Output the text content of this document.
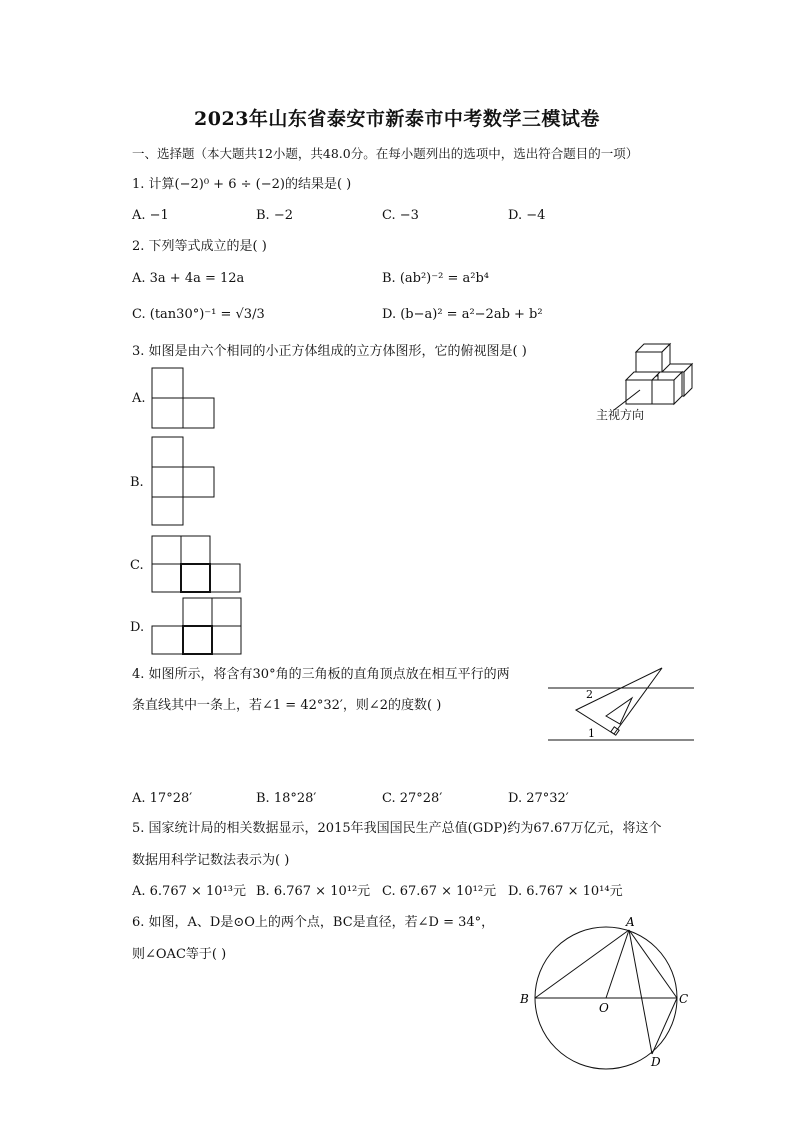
2023年山东省泰安市新泰市中考数学三模试卷
一、选择题（本大题共12小题，共48.0分。在每小题列出的选项中，选出符合题目的一项）
1. 计算(−2)⁰ + 6 ÷ (−2)的结果是( )
A. −1	B. −2	C. −3	D. −4
2. 下列等式成立的是( )
A. 3a + 4a = 12a	B. (ab²)⁻² = a²b⁴
C. (tan30°)⁻¹ = √3/3	D. (b−a)² = a²−2ab + b²
3. 如图是由六个相同的小正方体组成的立方体图形，它的俯视图是( )
主视方向
A.
B.
C.
D.
4. 如图所示，将含有30°角的三角板的直角顶点放在相互平行的两
条直线其中一条上，若∠1 = 42°32′，则∠2的度数( )
2
1
A. 17°28′	B. 18°28′	C. 27°28′	D. 27°32′
5. 国家统计局的相关数据显示，2015年我国国民生产总值(GDP)约为67.67万亿元，将这个
数据用科学记数法表示为( )
A. 6.767 × 10¹³元 B. 6.767 × 10¹²元 C. 67.67 × 10¹²元 D. 6.767 × 10¹⁴元
6. 如图，A、D是⊙O上的两个点，BC是直径，若∠D = 34°，
则∠OAC等于( )
A
B	C
D
O
